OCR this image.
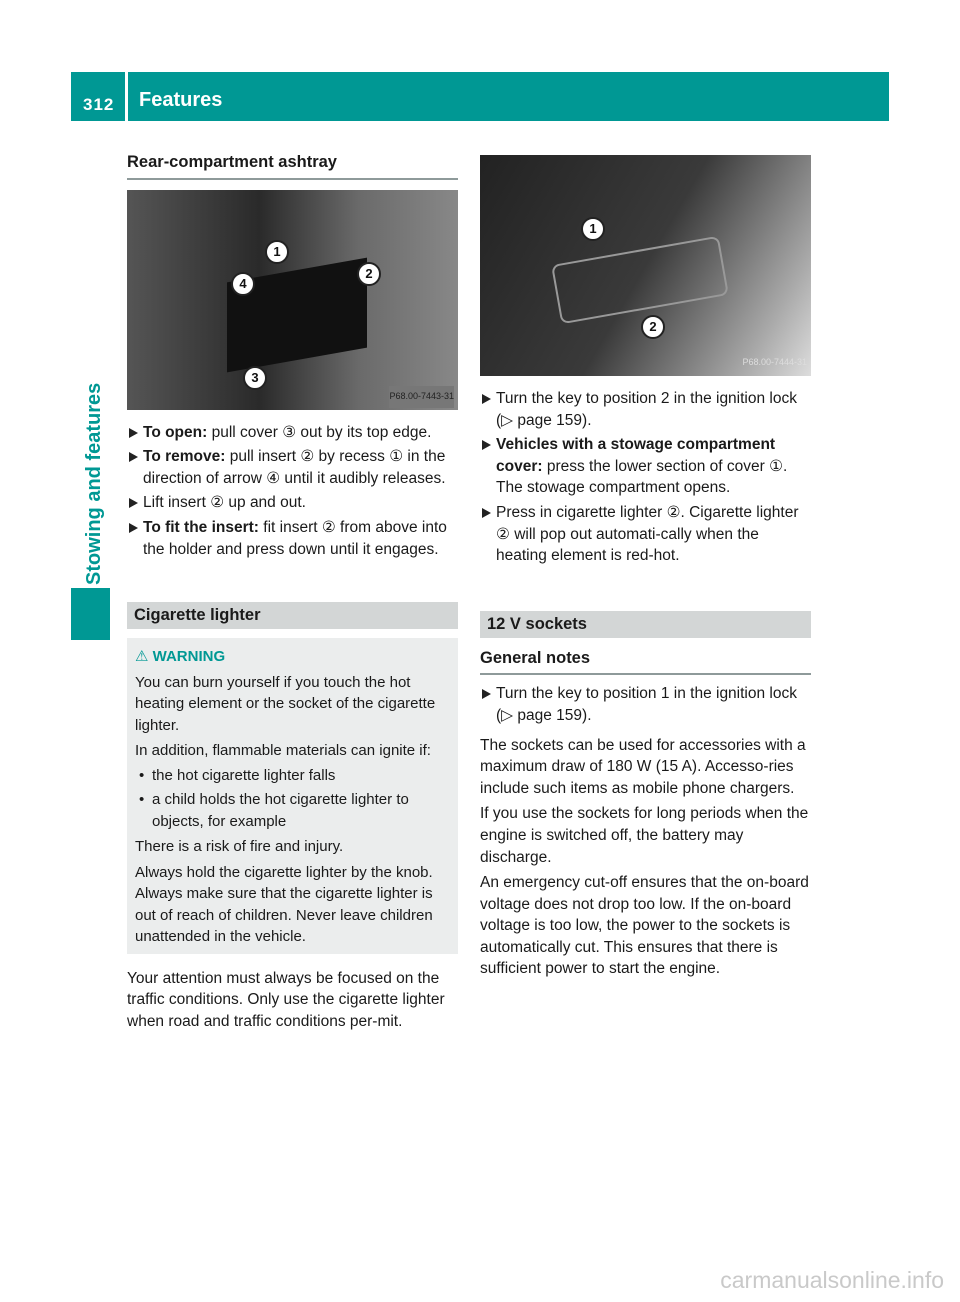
312	Features
Stowing and features
Rear-compartment ashtray
1
2
3
4
P68.00-7443-31
To open: pull cover ③ out by its top edge.
To remove: pull insert ② by recess ① in the direction of arrow ④ until it audibly releases.
Lift insert ② up and out.
To fit the insert: fit insert ② from above into the holder and press down until it engages.
Cigarette lighter
⚠ WARNING

You can burn yourself if you touch the hot heating element or the socket of the cigarette lighter.

In addition, flammable materials can ignite if:

• the hot cigarette lighter falls
• a child holds the hot cigarette lighter to objects, for example

There is a risk of fire and injury.

Always hold the cigarette lighter by the knob. Always make sure that the cigarette lighter is out of reach of children. Never leave children unattended in the vehicle.

Your attention must always be focused on the traffic conditions. Only use the cigarette lighter when road and traffic conditions per-mit.

1
2
P68.00-7444-31
Turn the key to position 2 in the ignition lock (▷ page 159).
Vehicles with a stowage compartment cover: press the lower section of cover ①. The stowage compartment opens.
Press in cigarette lighter ②. Cigarette lighter ② will pop out automati-cally when the heating element is red-hot.
12 V sockets
General notes
Turn the key to position 1 in the ignition lock (▷ page 159).

The sockets can be used for accessories with a maximum draw of 180 W (15 A). Accesso-ries include such items as mobile phone chargers.

If you use the sockets for long periods when the engine is switched off, the battery may discharge.

An emergency cut-off ensures that the on-board voltage does not drop too low. If the on-board voltage is too low, the power to the sockets is automatically cut. This ensures that there is sufficient power to start the engine.

carmanualsonline.info
